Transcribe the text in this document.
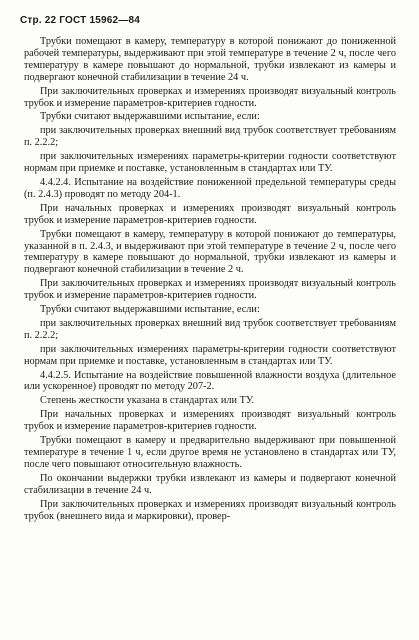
Стр. 22 ГОСТ 15962—84

Трубки помещают в камеру, температуру в которой понижают до пониженной рабочей температуры, выдерживают при этой температуре в течение 2 ч, после чего температуру в камере повышают до нормальной, трубки извлекают из камеры и подвергают конечной стабилизации в течение 24 ч.

При заключительных проверках и измерениях производят визуальный контроль трубок и измерение параметров-критериев годности.

Трубки считают выдержавшими испытание, если:

при заключительных проверках внешний вид трубок соответствует требованиям п. 2.2.2;

при заключительных измерениях параметры-критерии годности соответствуют нормам при приемке и поставке, установленным в стандартах или ТУ.

4.4.2.4. Испытание на воздействие пониженной предельной температуры среды (п. 2.4.3) проводят по методу 204-1.

При начальных проверках и измерениях производят визуальный контроль трубок и измерение параметров-критериев годности.

Трубки помещают в камеру, температуру в которой понижают до температуры, указанной в п. 2.4.3, и выдерживают при этой температуре в течение 2 ч, после чего температуру в камере повышают до нормальной, трубки извлекают из камеры и подвергают конечной стабилизации в течение 2 ч.

При заключительных проверках и измерениях производят визуальный контроль трубок и измерение параметров-критериев годности.

Трубки считают выдержавшими испытание, если:

при заключительных проверках внешний вид трубок соответствует требованиям п. 2.2.2;

при заключительных измерениях параметры-критерии годности соответствуют нормам при приемке и поставке, установленным в стандартах или ТУ.

4.4.2.5. Испытание на воздействие повышенной влажности воздуха (длительное или ускоренное) проводят по методу 207-2.

Степень жесткости указана в стандартах или ТУ.

При начальных проверках и измерениях производят визуальный контроль трубок и измерение параметров-критериев годности.

Трубки помещают в камеру и предварительно выдерживают при повышенной температуре в течение 1 ч, если другое время не установлено в стандартах или ТУ, после чего повышают относительную влажность.

По окончании выдержки трубки извлекают из камеры и подвергают конечной стабилизации в течение 24 ч.

При заключительных проверках и измерениях производят визуальный контроль трубок (внешнего вида и маркировки), провер-
